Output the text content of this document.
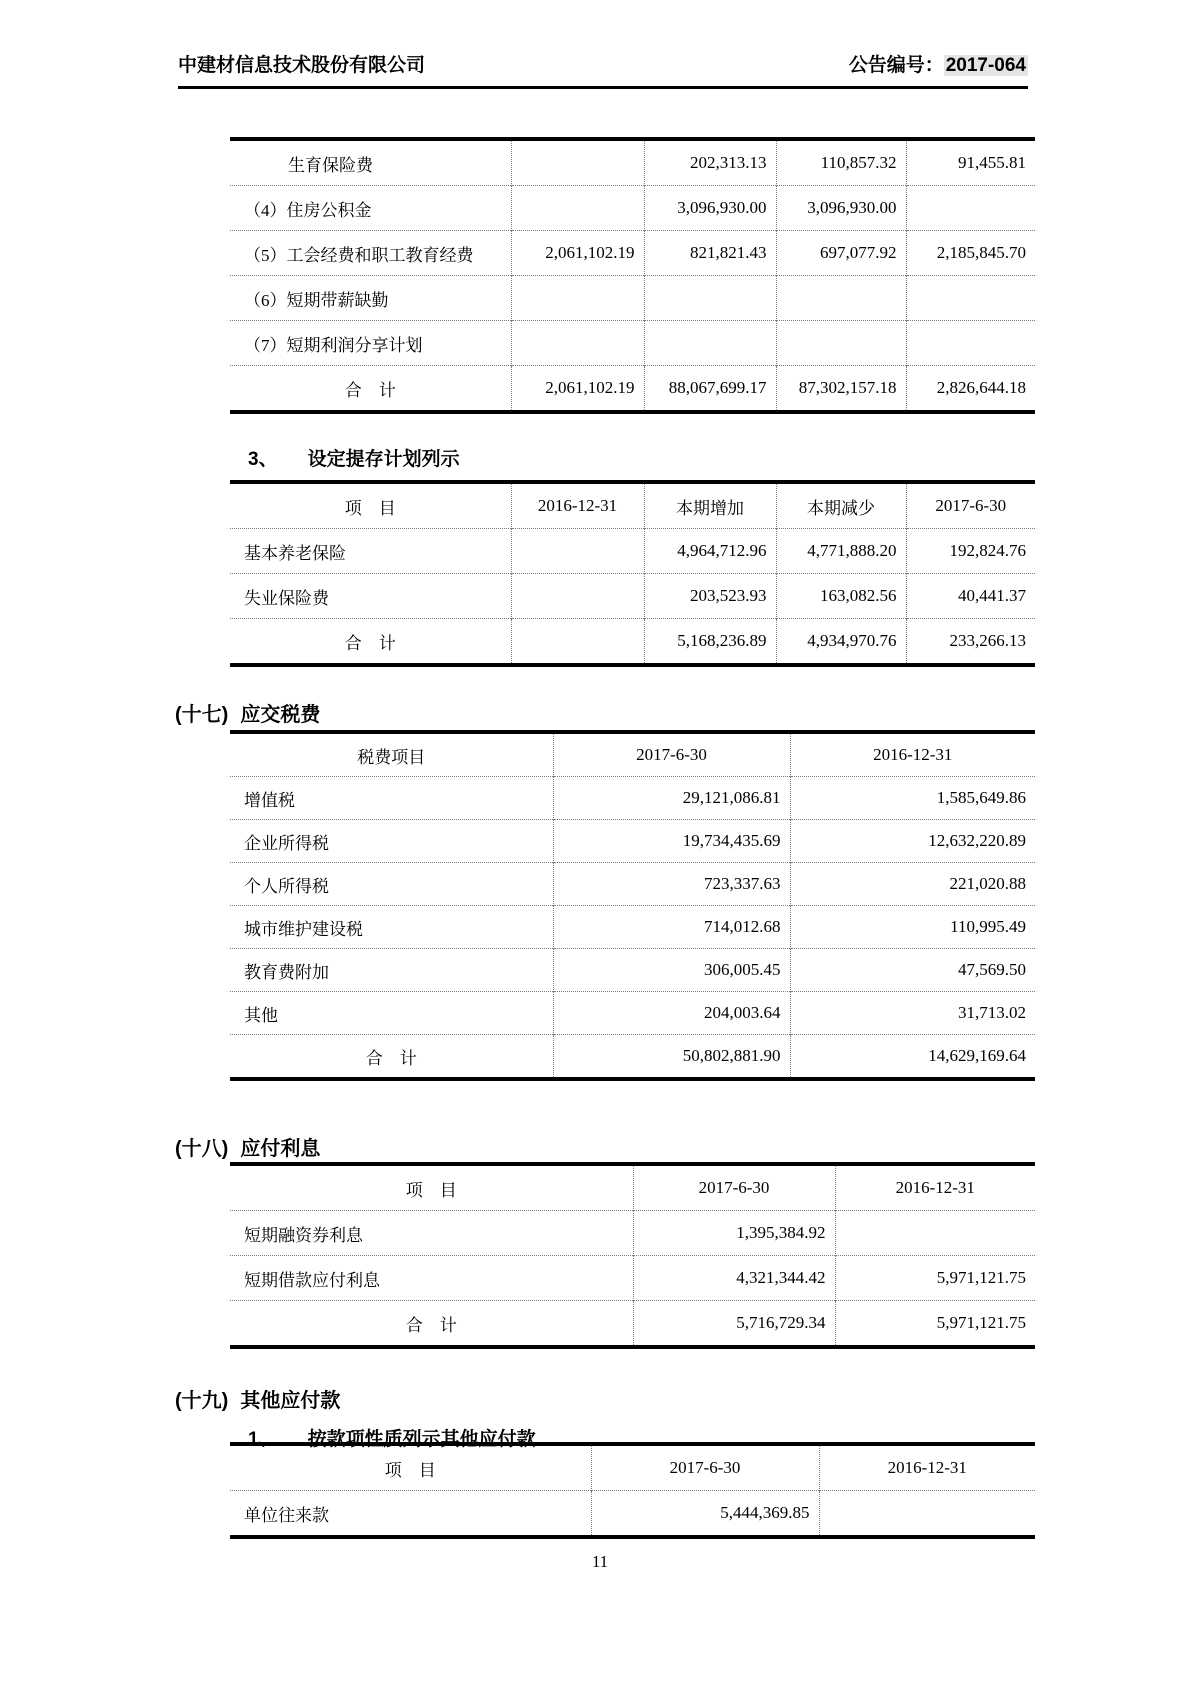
中建材信息技术股份有限公司	公告编号： 2017-064
生育保险费		202,313.13	110,857.32	91,455.81
（4）住房公积金		3,096,930.00	3,096,930.00	
（5）工会经费和职工教育经费	2,061,102.19	821,821.43	697,077.92	2,185,845.70
（6）短期带薪缺勤				
（7）短期利润分享计划				
合　计	2,061,102.19	88,067,699.17	87,302,157.18	2,826,644.18
3、 设定提存计划列示
项　目	2016-12-31	本期增加	本期减少	2017-6-30
基本养老保险		4,964,712.96	4,771,888.20	192,824.76
失业保险费		203,523.93	163,082.56	40,441.37
合　计		5,168,236.89	4,934,970.76	233,266.13
(十七) 应交税费
税费项目	2017-6-30	2016-12-31
增值税	29,121,086.81	1,585,649.86
企业所得税	19,734,435.69	12,632,220.89
个人所得税	723,337.63	221,020.88
城市维护建设税	714,012.68	110,995.49
教育费附加	306,005.45	47,569.50
其他	204,003.64	31,713.02
合　计	50,802,881.90	14,629,169.64
(十八) 应付利息
项　目	2017-6-30	2016-12-31
短期融资券利息	1,395,384.92	
短期借款应付利息	4,321,344.42	5,971,121.75
合　计	5,716,729.34	5,971,121.75
(十九) 其他应付款
1、 按款项性质列示其他应付款
项　目	2017-6-30	2016-12-31
单位往来款	5,444,369.85	
11
